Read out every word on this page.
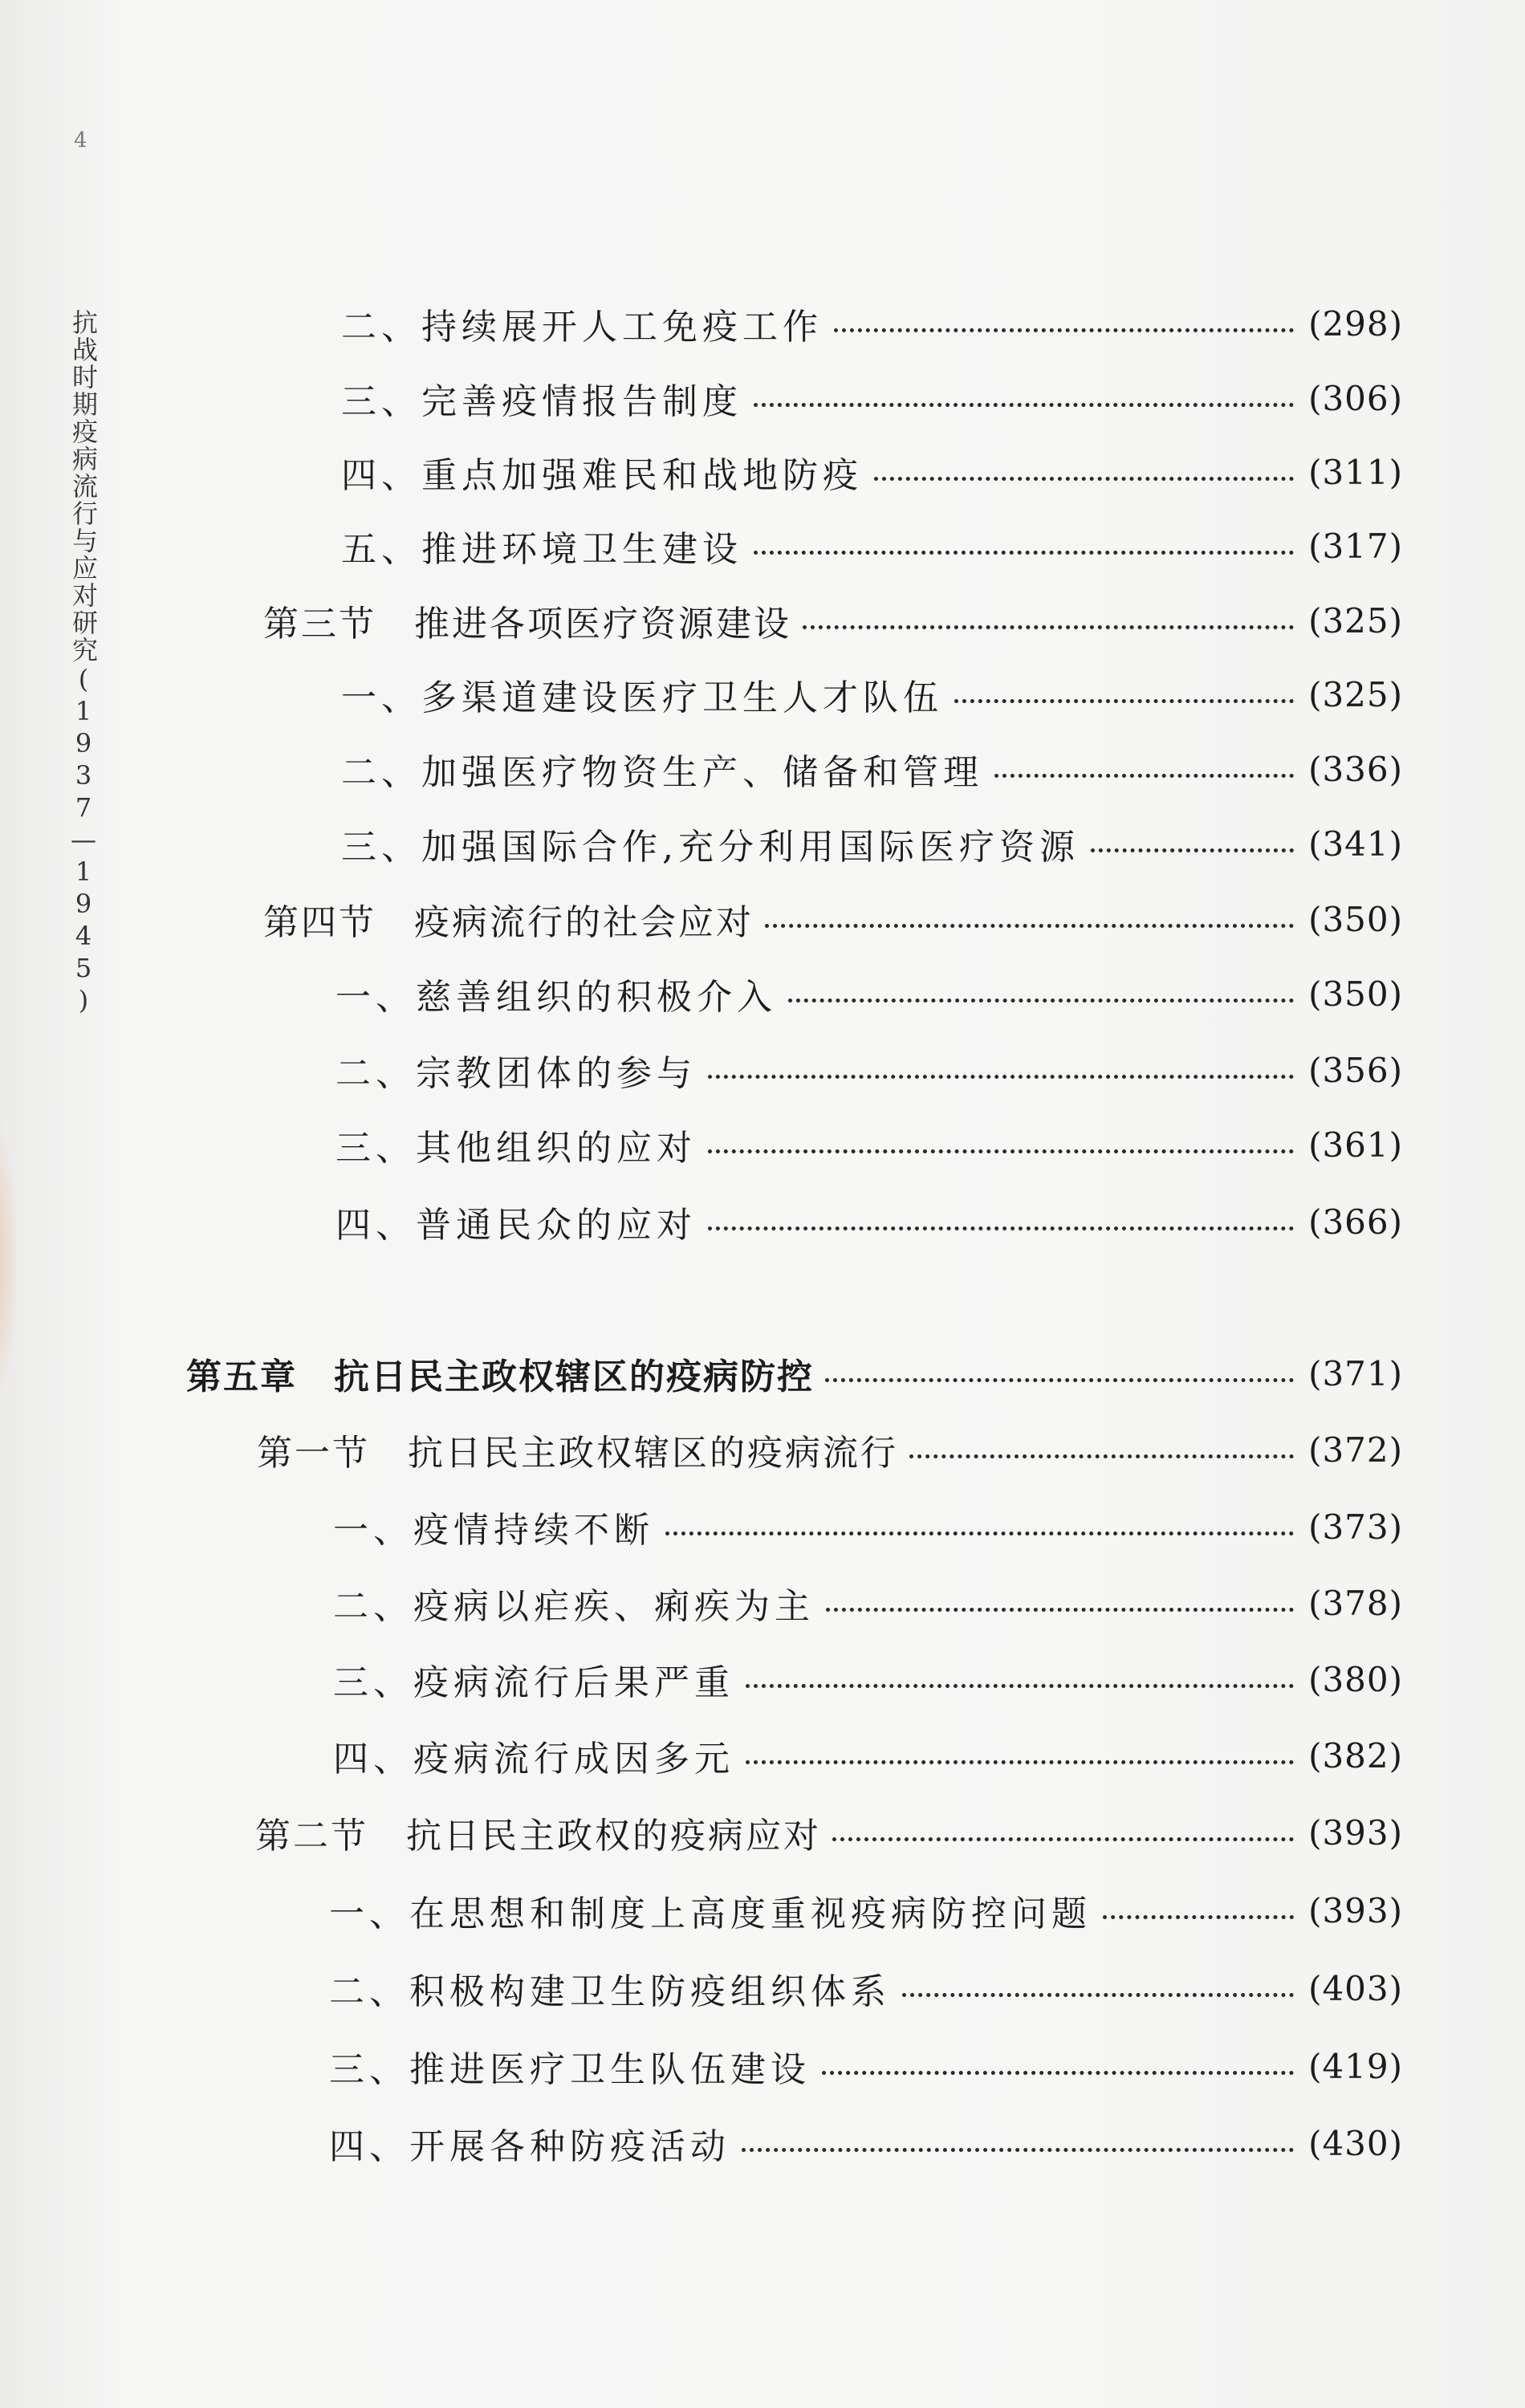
4
抗战时期疫病流行与应对研究(1937—1945)	二、持续展开人工免疫工作	(298)
三、完善疫情报告制度	(306)
四、重点加强难民和战地防疫	(311)
五、推进环境卫生建设	(317)
第三节　推进各项医疗资源建设	(325)
一、多渠道建设医疗卫生人才队伍	(325)
二、加强医疗物资生产、储备和管理	(336)
三、加强国际合作,充分利用国际医疗资源	(341)
第四节　疫病流行的社会应对	(350)
一、慈善组织的积极介入	(350)
二、宗教团体的参与	(356)
三、其他组织的应对	(361)
四、普通民众的应对	(366)
第五章　抗日民主政权辖区的疫病防控	(371)
第一节　抗日民主政权辖区的疫病流行	(372)
一、疫情持续不断	(373)
二、疫病以疟疾、痢疾为主	(378)
三、疫病流行后果严重	(380)
四、疫病流行成因多元	(382)
第二节　抗日民主政权的疫病应对	(393)
一、在思想和制度上高度重视疫病防控问题	(393)
二、积极构建卫生防疫组织体系	(403)
三、推进医疗卫生队伍建设	(419)
四、开展各种防疫活动	(430)
